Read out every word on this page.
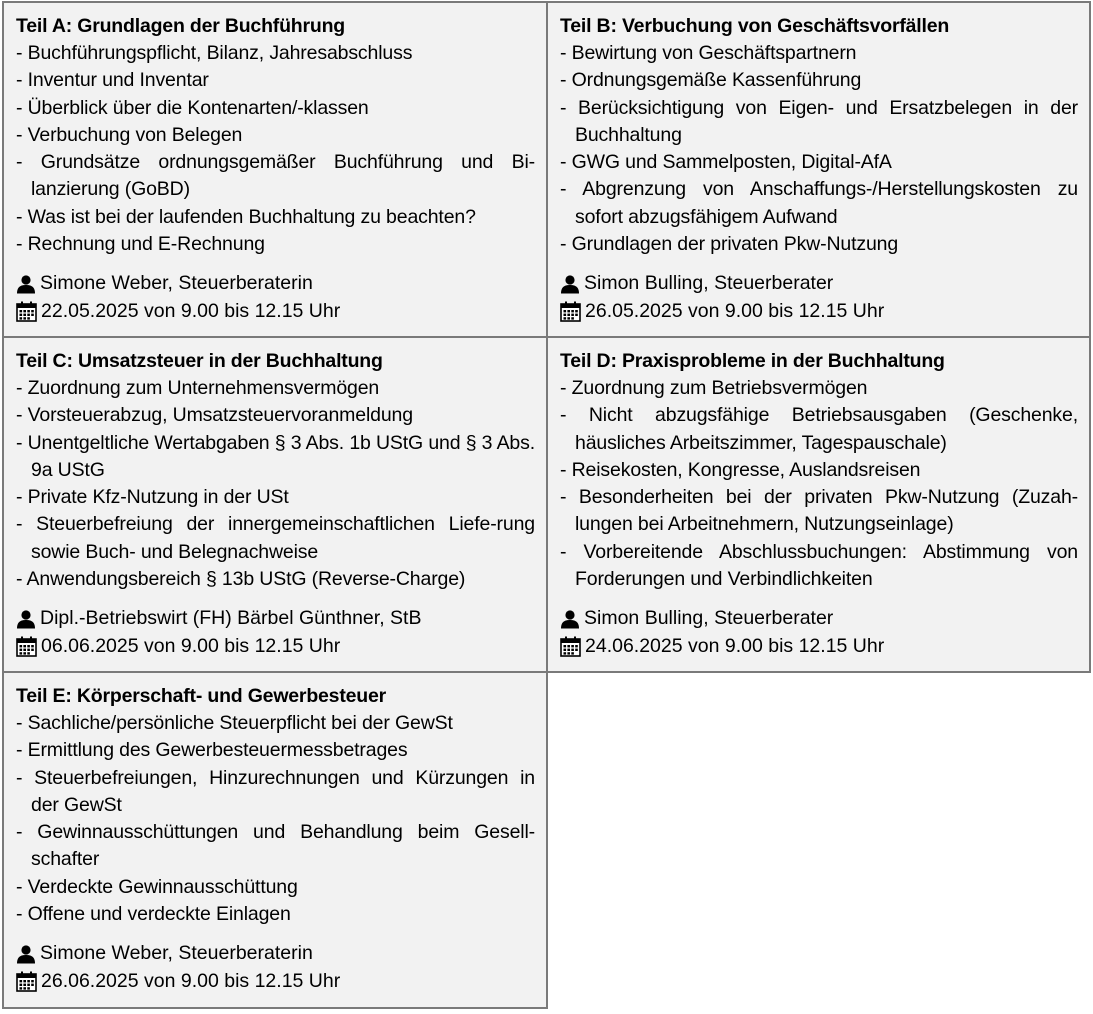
Teil A: Grundlagen der Buchführung
- Buchführungspflicht, Bilanz, Jahresabschluss
- Inventur und Inventar
- Überblick über die Kontenarten/-klassen
- Verbuchung von Belegen
- Grundsätze ordnungsgemäßer Buchführung und Bi-lanzierung (GoBD)
- Was ist bei der laufenden Buchhaltung zu beachten?
- Rechnung und E-Rechnung
Simone Weber, Steuerberaterin
22.05.2025 von 9.00 bis 12.15 Uhr
Teil B: Verbuchung von Geschäftsvorfällen
- Bewirtung von Geschäftspartnern
- Ordnungsgemäße Kassenführung
- Berücksichtigung von Eigen- und Ersatzbelegen in der Buchhaltung
- GWG und Sammelposten, Digital-AfA
- Abgrenzung von Anschaffungs-/Herstellungskosten zu sofort abzugsfähigem Aufwand
- Grundlagen der privaten Pkw-Nutzung
Simon Bulling, Steuerberater
26.05.2025 von 9.00 bis 12.15 Uhr
Teil C: Umsatzsteuer in der Buchhaltung
- Zuordnung zum Unternehmensvermögen
- Vorsteuerabzug, Umsatzsteuervoranmeldung
- Unentgeltliche Wertabgaben § 3 Abs. 1b UStG und § 3 Abs. 9a UStG
- Private Kfz-Nutzung in der USt
- Steuerbefreiung der innergemeinschaftlichen Liefe-rung sowie Buch- und Belegnachweise
- Anwendungsbereich § 13b UStG (Reverse-Charge)
Dipl.-Betriebswirt (FH) Bärbel Günthner, StB
06.06.2025 von 9.00 bis 12.15 Uhr
Teil D: Praxisprobleme in der Buchhaltung
- Zuordnung zum Betriebsvermögen
- Nicht abzugsfähige Betriebsausgaben (Geschenke, häusliches Arbeitszimmer, Tagespauschale)
- Reisekosten, Kongresse, Auslandsreisen
- Besonderheiten bei der privaten Pkw-Nutzung (Zuzah-lungen bei Arbeitnehmern, Nutzungseinlage)
- Vorbereitende Abschlussbuchungen: Abstimmung von Forderungen und Verbindlichkeiten
Simon Bulling, Steuerberater
24.06.2025 von 9.00 bis 12.15 Uhr
Teil E: Körperschaft- und Gewerbesteuer
- Sachliche/persönliche Steuerpflicht bei der GewSt
- Ermittlung des Gewerbesteuermessbetrages
- Steuerbefreiungen, Hinzurechnungen und Kürzungen in der GewSt
- Gewinnausschüttungen und Behandlung beim Gesell-schafter
- Verdeckte Gewinnausschüttung
- Offene und verdeckte Einlagen
Simone Weber, Steuerberaterin
26.06.2025 von 9.00 bis 12.15 Uhr
